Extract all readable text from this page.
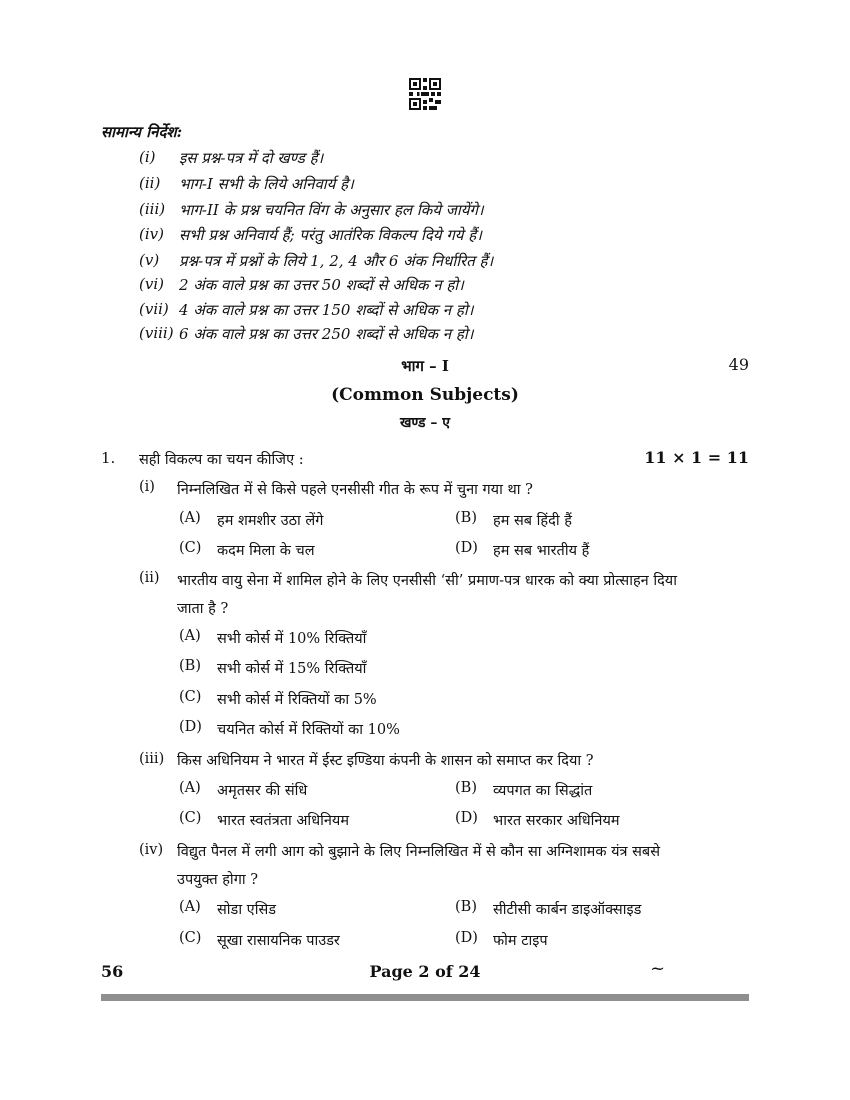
सामान्य निर्देश:
(i) इस प्रश्न-पत्र में दो खण्ड हैं।
(ii) भाग-I सभी के लिये अनिवार्य है।
(iii) भाग-II के प्रश्न चयनित विंग के अनुसार हल किये जायेंगे।
(iv) सभी प्रश्न अनिवार्य हैं; परंतु आतंरिक विकल्प दिये गये हैं।
(v) प्रश्न-पत्र में प्रश्नों के लिये 1, 2, 4 और 6 अंक निर्धारित हैं।
(vi) 2 अंक वाले प्रश्न का उत्तर 50 शब्दों से अधिक न हो।
(vii) 4 अंक वाले प्रश्न का उत्तर 150 शब्दों से अधिक न हो।
(viii) 6 अंक वाले प्रश्न का उत्तर 250 शब्दों से अधिक न हो।
भाग – I	49
(Common Subjects)
खण्ड – ए
1. सही विकल्प का चयन कीजिए :	11 × 1 = 11
(i) निम्नलिखित में से किसे पहले एनसीसी गीत के रूप में चुना गया था ?
(A) हम शमशीर उठा लेंगे	(B) हम सब हिंदी हैं
(C) कदम मिला के चल	(D) हम सब भारतीय हैं
(ii) भारतीय वायु सेना में शामिल होने के लिए एनसीसी ‘सी’ प्रमाण-पत्र धारक को क्या प्रोत्साहन दिया
जाता है ?
(A) सभी कोर्स में 10% रिक्तियाँ
(B) सभी कोर्स में 15% रिक्तियाँ
(C) सभी कोर्स में रिक्तियों का 5%
(D) चयनित कोर्स में रिक्तियों का 10%
(iii) किस अधिनियम ने भारत में ईस्ट इण्डिया कंपनी के शासन को समाप्त कर दिया ?
(A) अमृतसर की संधि	(B) व्यपगत का सिद्धांत
(C) भारत स्वतंत्रता अधिनियम	(D) भारत सरकार अधिनियम
(iv) विद्युत पैनल में लगी आग को बुझाने के लिए निम्नलिखित में से कौन सा अग्निशामक यंत्र सबसे
उपयुक्त होगा ?
(A) सोडा एसिड	(B) सीटीसी कार्बन डाइऑक्साइड
(C) सूखा रासायनिक पाउडर	(D) फोम टाइप
56	Page 2 of 24	~
